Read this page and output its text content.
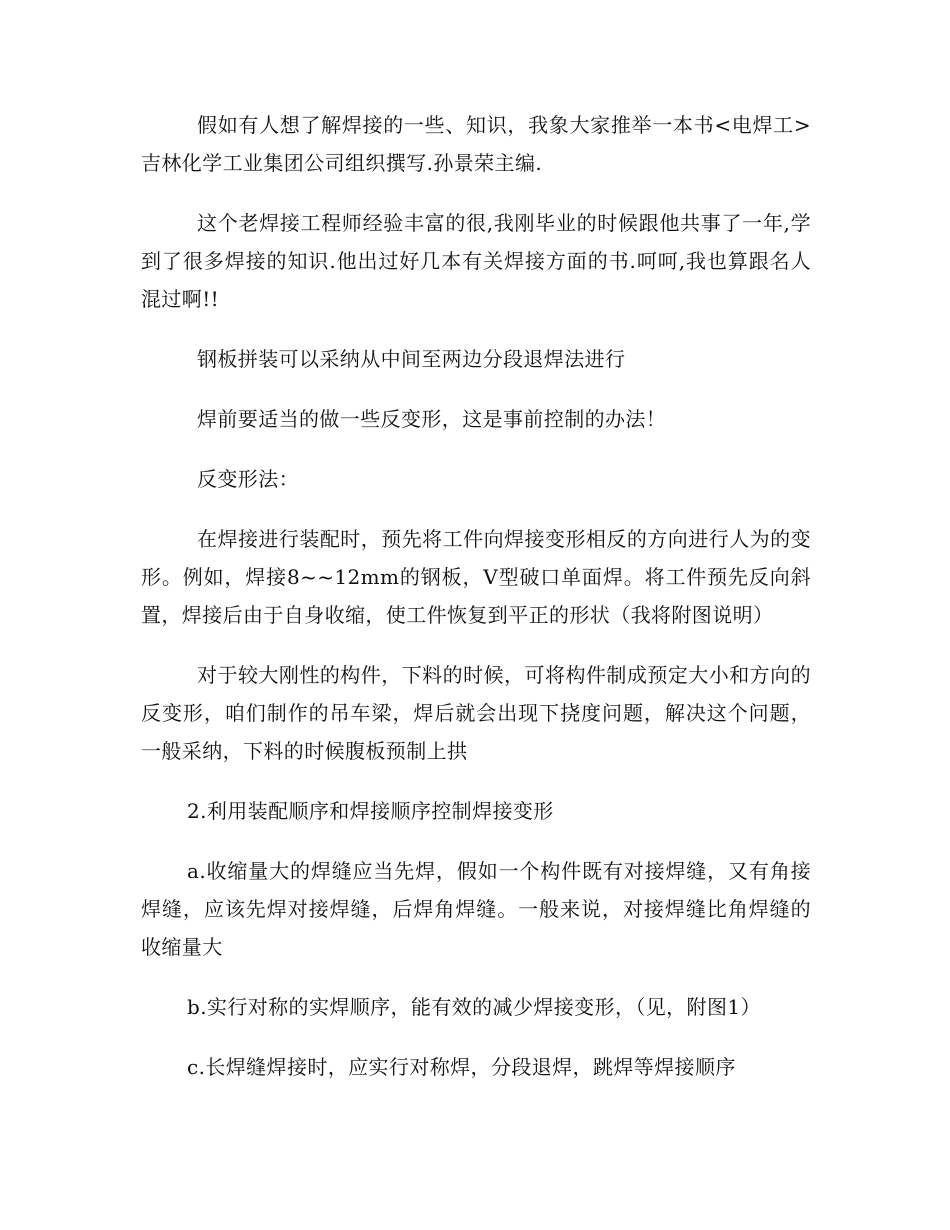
假如有人想了解焊接的一些、知识，我象大家推举一本书<电焊工>吉林化学工业集团公司组织撰写.孙景荣主编.

这个老焊接工程师经验丰富的很,我刚毕业的时候跟他共事了一年,学到了很多焊接的知识.他出过好几本有关焊接方面的书.呵呵,我也算跟名人混过啊!!

钢板拼装可以采纳从中间至两边分段退焊法进行

焊前要适当的做一些反变形，这是事前控制的办法！

反变形法：

在焊接进行装配时，预先将工件向焊接变形相反的方向进行人为的变形。例如，焊接8~~12mm的钢板，V型破口单面焊。将工件预先反向斜置，焊接后由于自身收缩，使工件恢复到平正的形状（我将附图说明）

对于较大刚性的构件，下料的时候，可将构件制成预定大小和方向的反变形，咱们制作的吊车梁，焊后就会出现下挠度问题，解决这个问题，一般采纳，下料的时候腹板预制上拱

2.利用装配顺序和焊接顺序控制焊接变形

a.收缩量大的焊缝应当先焊，假如一个构件既有对接焊缝，又有角接焊缝，应该先焊对接焊缝，后焊角焊缝。一般来说，对接焊缝比角焊缝的收缩量大

b.实行对称的实焊顺序，能有效的减少焊接变形，（见，附图1）

c.长焊缝焊接时，应实行对称焊，分段退焊，跳焊等焊接顺序
